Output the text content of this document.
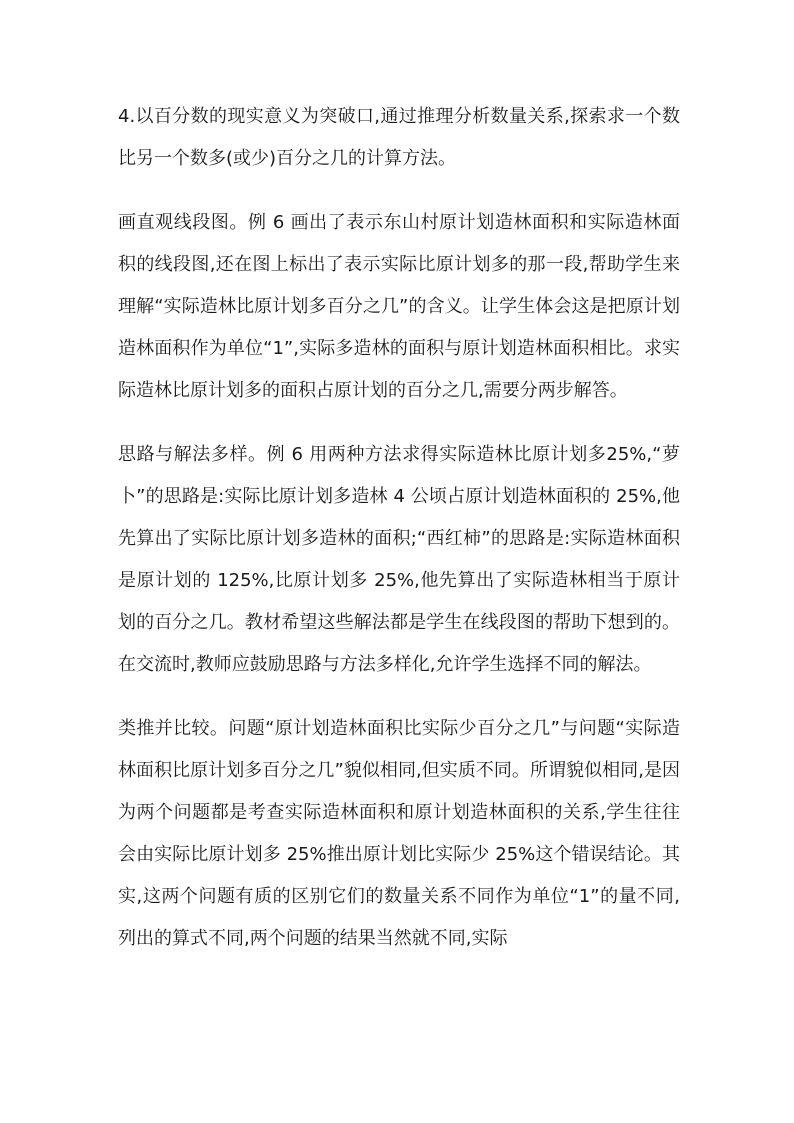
4.以百分数的现实意义为突破口,通过推理分析数量关系,探索求一个数比另一个数多(或少)百分之几的计算方法。

画直观线段图。例 6 画出了表示东山村原计划造林面积和实际造林面积的线段图,还在图上标出了表示实际比原计划多的那一段,帮助学生来理解“实际造林比原计划多百分之几”的含义。让学生体会这是把原计划造林面积作为单位“1”,实际多造林的面积与原计划造林面积相比。求实际造林比原计划多的面积占原计划的百分之几,需要分两步解答。

思路与解法多样。例 6 用两种方法求得实际造林比原计划多25%,“萝卜”的思路是:实际比原计划多造林 4 公顷占原计划造林面积的 25%,他先算出了实际比原计划多造林的面积;“西红柿”的思路是:实际造林面积是原计划的 125%,比原计划多 25%,他先算出了实际造林相当于原计划的百分之几。教材希望这些解法都是学生在线段图的帮助下想到的。在交流时,教师应鼓励思路与方法多样化,允许学生选择不同的解法。

类推并比较。问题“原计划造林面积比实际少百分之几”与问题“实际造林面积比原计划多百分之几”貌似相同,但实质不同。所谓貌似相同,是因为两个问题都是考查实际造林面积和原计划造林面积的关系,学生往往会由实际比原计划多 25%推出原计划比实际少 25%这个错误结论。其实,这两个问题有质的区别它们的数量关系不同作为单位“1”的量不同,列出的算式不同,两个问题的结果当然就不同,实际
